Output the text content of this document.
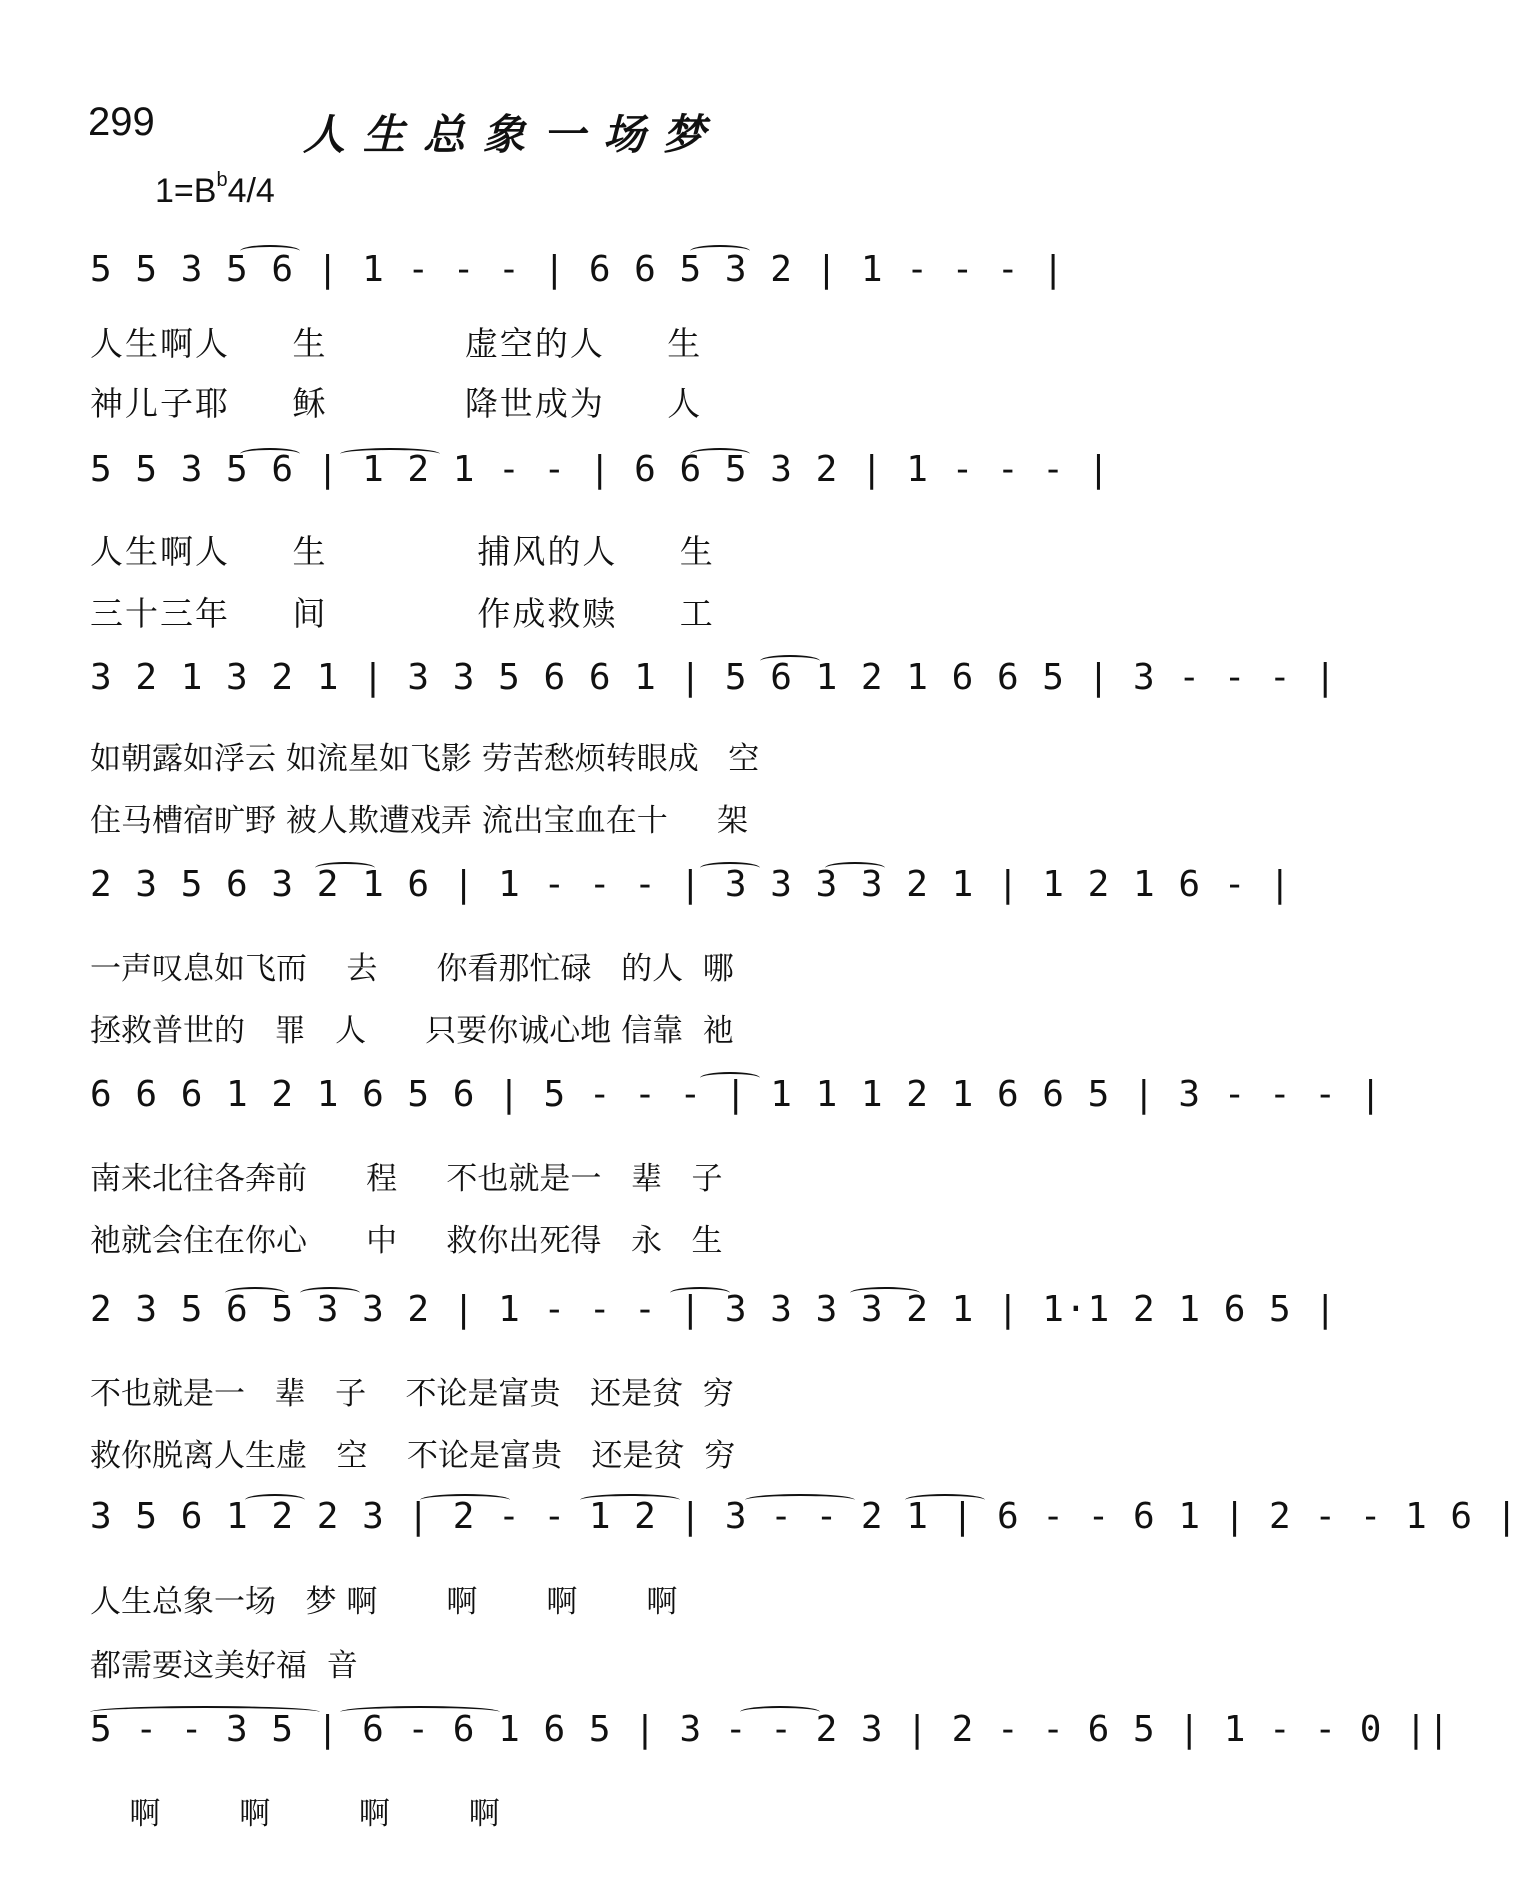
299	人生总象一场梦
$1=B^b4/4$
5 5 3 5 6 | 1 - - - | 6 6 5 3 2 | 1 - - - |
人生啊人     生           虚空的人     生
神儿子耶     稣           降世成为     人
5 5 3 5 6 | 1 2 1 - - | 6 6 5 3 2 | 1 - - - |
人生啊人     生            捕风的人     生
三十三年     间            作成救赎     工
3 2 1 3 2 1 | 3 3 5 6 6 1 | 5 6 1 2 1 6 6 5 | 3 - - - |
如朝露如浮云 如流星如飞影 劳苦愁烦转眼成   空
住马槽宿旷野 被人欺遭戏弄 流出宝血在十     架
2 3 5 6 3 2 1 6 | 1 - - - | 3 3 3 3 2 1 | 1 2 1 6 - |
一声叹息如飞而    去      你看那忙碌   的人  哪
拯救普世的   罪   人      只要你诚心地 信靠  祂
6 6 6 1 2 1 6 5 6 | 5 - - - | 1 1 1 2 1 6 6 5 | 3 - - - |
南来北往各奔前      程     不也就是一   辈   子
祂就会住在你心      中     救你出死得   永   生
2 3 5 6 5 3 3 2 | 1 - - - | 3 3 3 3 2 1 | 1·1 2 1 6 5 |
不也就是一   辈   子    不论是富贵   还是贫  穷
救你脱离人生虚   空    不论是富贵   还是贫  穷
3 5 6 1 2 2 3 | 2 - - 1 2 | 3 - - 2 1 | 6 - - 6 1 | 2 - - 1 6 |
人生总象一场   梦 啊       啊       啊       啊
都需要这美好福  音
5 - - 3 5 | 6 - 6 1 6 5 | 3 - - 2 3 | 2 - - 6 5 | 1 - - 0 ||
啊        啊         啊        啊
